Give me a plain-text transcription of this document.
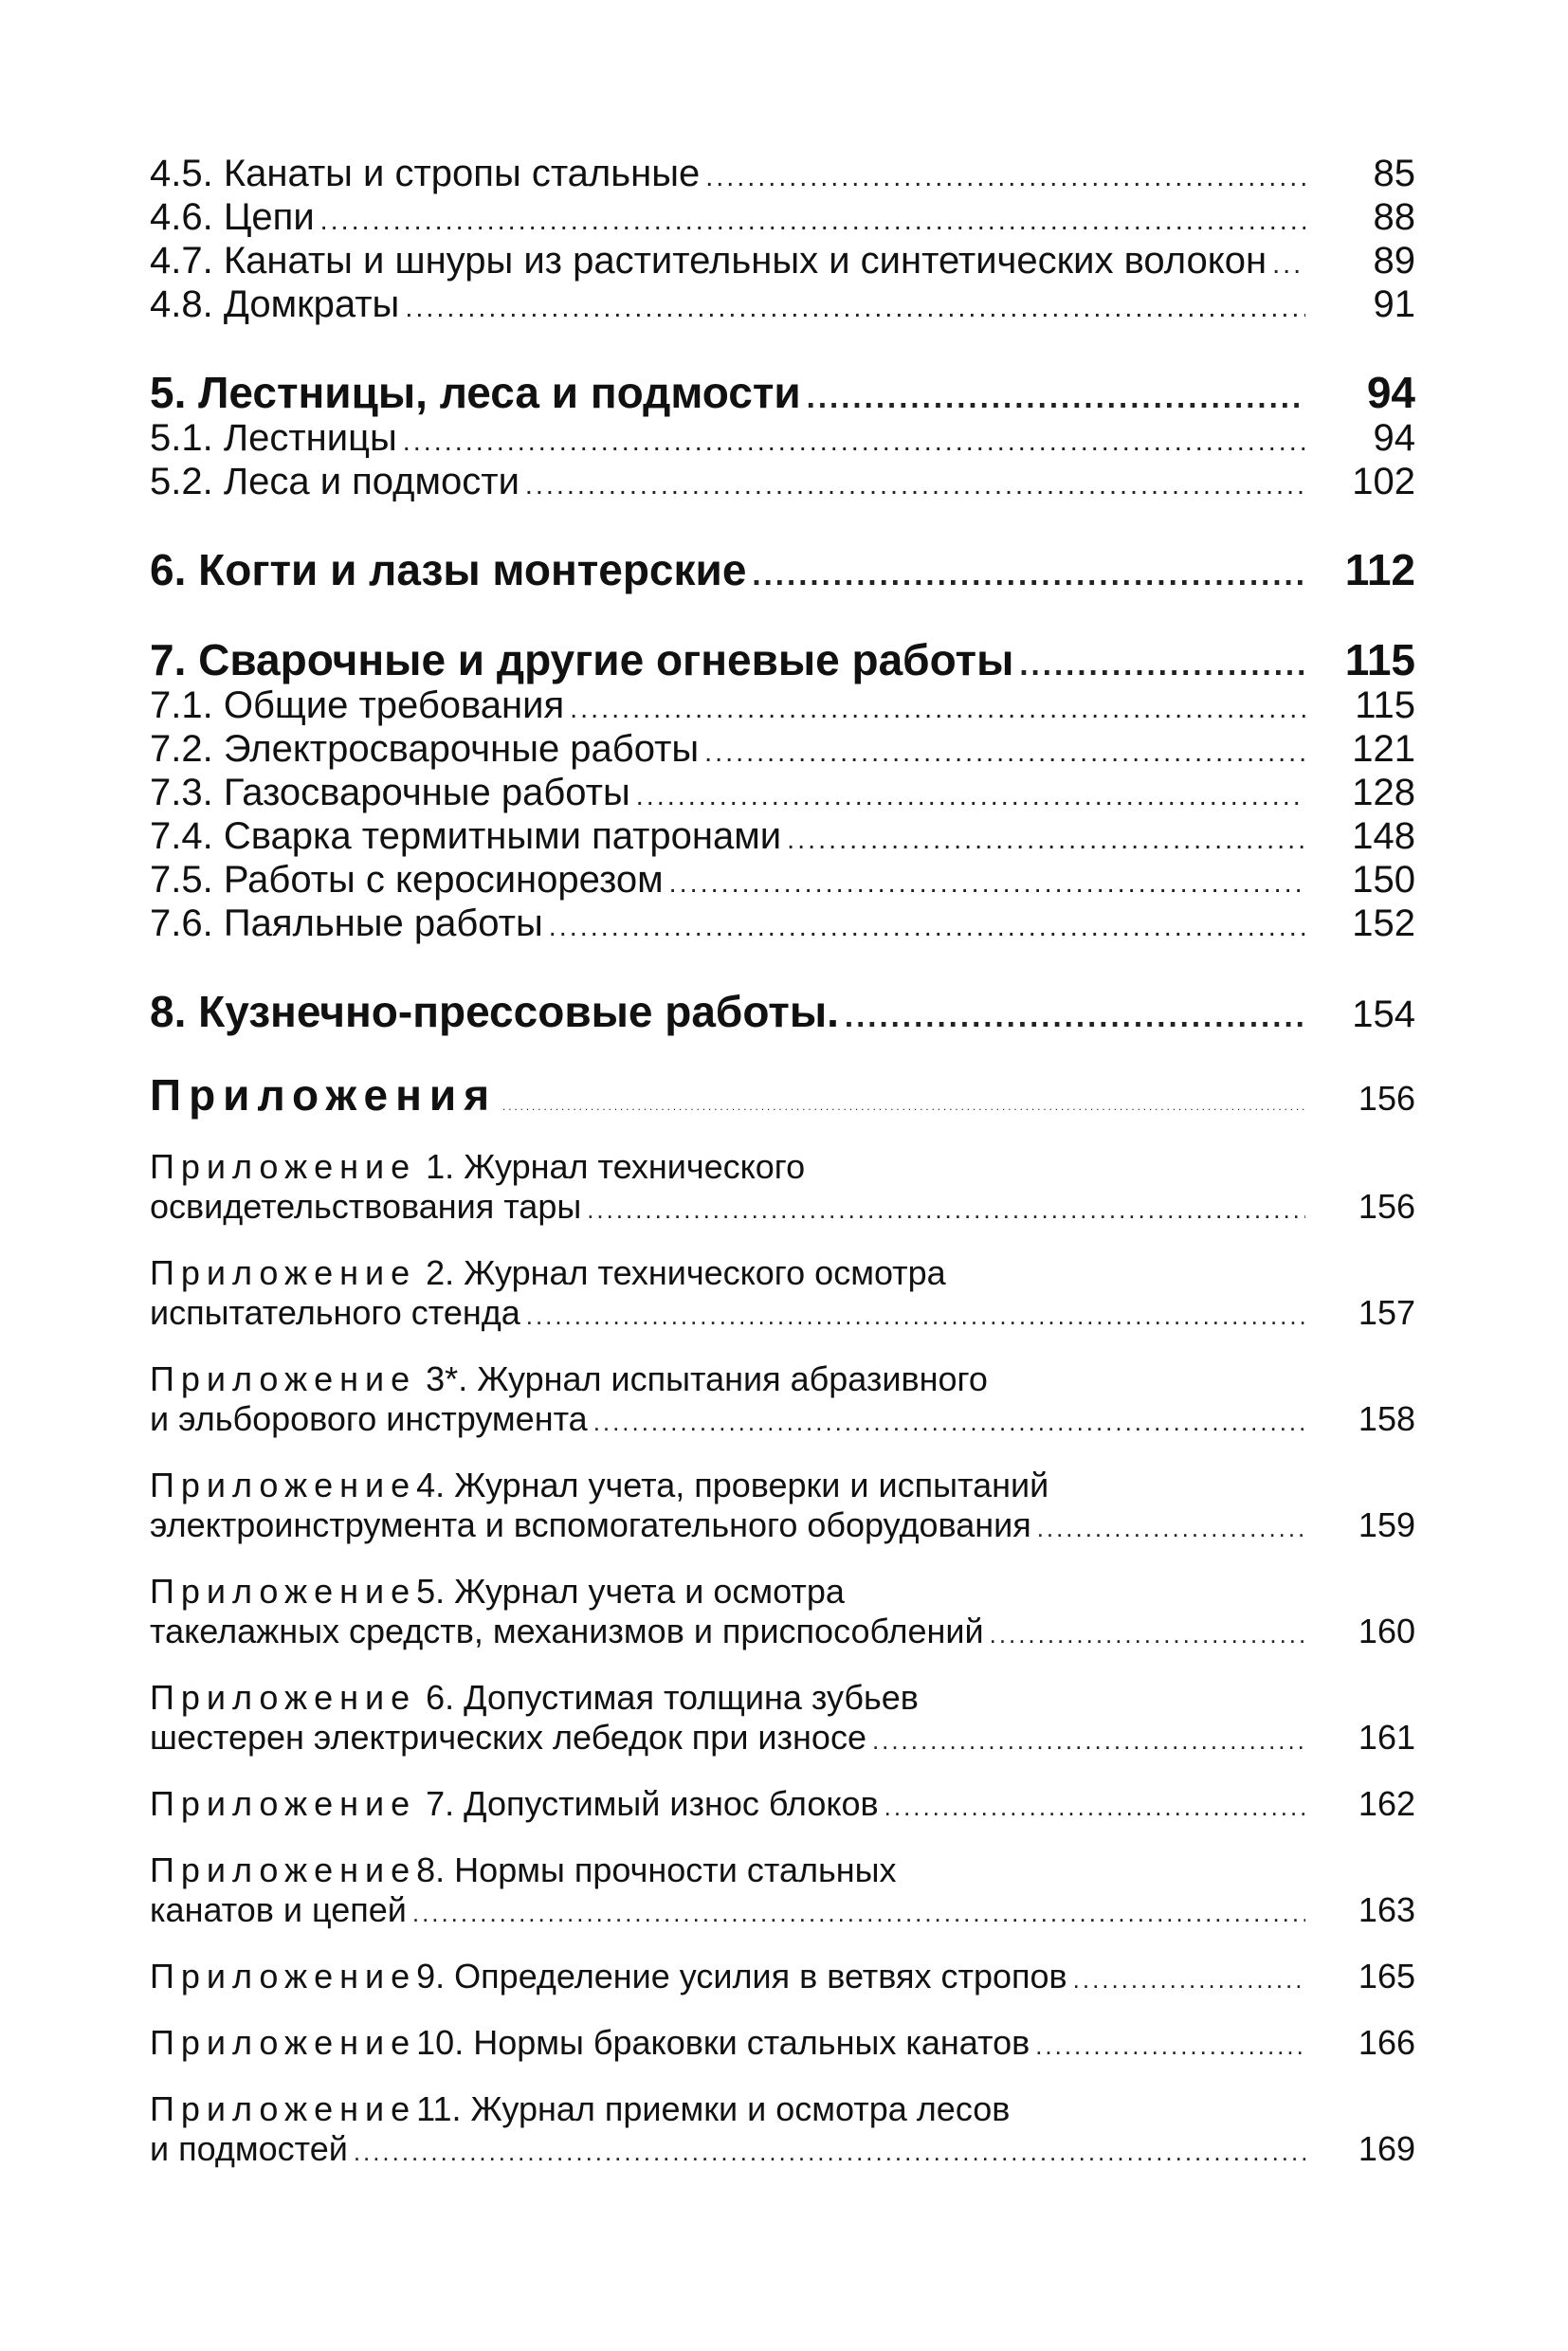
4.5. Канаты и стропы стальные .....	85
4.6. Цепи .....	88
4.7. Канаты и шнуры из растительных и синтетических волокон .....	89
4.8. Домкраты .....	91
5. Лестницы, леса и подмости .....	94
5.1. Лестницы .....	94
5.2. Леса и подмости .....	102
6. Когти и лазы монтерские .....	112
7. Сварочные и другие огневые работы .....	115
7.1. Общие требования .....	115
7.2. Электросварочные работы .....	121
7.3. Газосварочные работы .....	128
7.4. Сварка термитными патронами .....	148
7.5. Работы с керосинорезом .....	150
7.6. Паяльные работы .....	152
8. Кузнечно-прессовые работы. .....	154
Приложения .....	156
Приложение 1. Журнал технического
освидетельствования тары .....	156
Приложение 2. Журнал технического осмотра
испытательного стенда .....	157
Приложение 3*. Журнал испытания абразивного
и эльборового инструмента .....	158
Приложение4. Журнал учета, проверки и испытаний
электроинструмента и вспомогательного оборудования .....	159
Приложение5. Журнал учета и осмотра
такелажных средств, механизмов и приспособлений .....	160
Приложение 6. Допустимая толщина зубьев
шестерен электрических лебедок при износе .....	161
Приложение 7. Допустимый износ блоков .....	162
Приложение8. Нормы прочности стальных
канатов и цепей .....	163
Приложение9. Определение усилия в ветвях стропов .....	165
Приложение10. Нормы браковки стальных канатов .....	166
Приложение11. Журнал приемки и осмотра лесов
и подмостей .....	169
